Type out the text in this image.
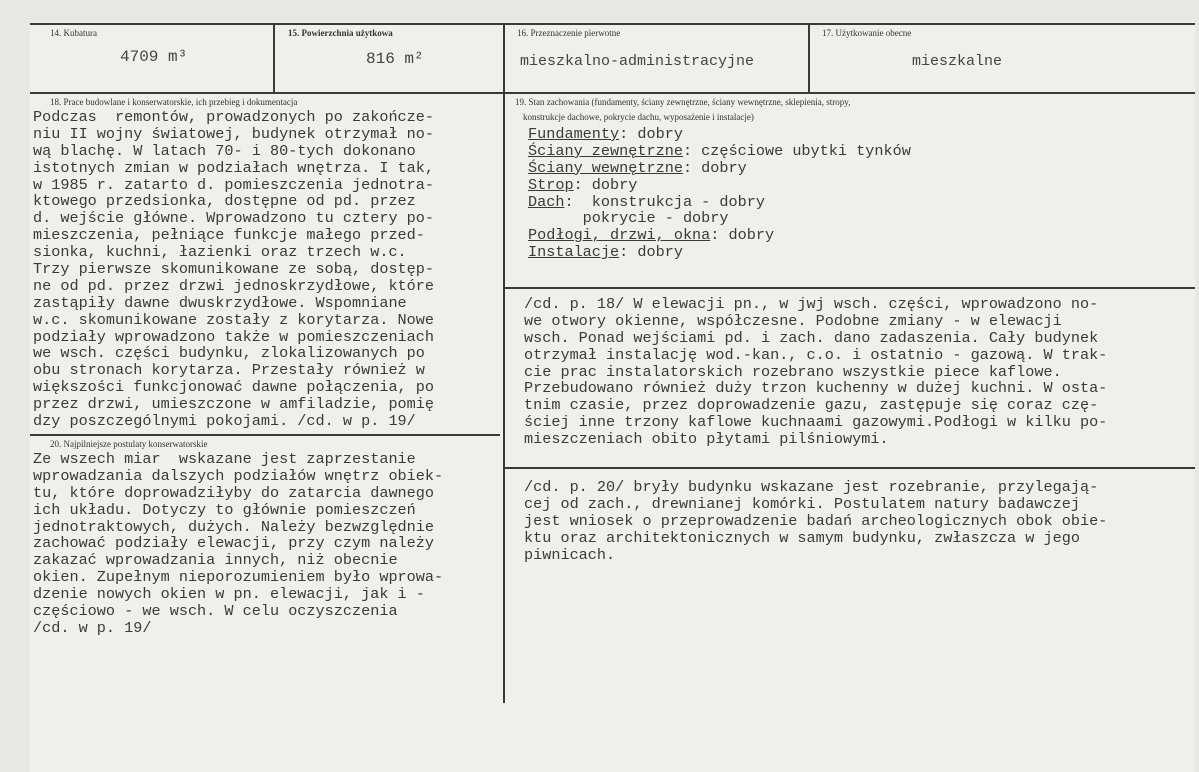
14. Kubatura
4709 m³
15. Powierzchnia użytkowa
816 m²
16. Przeznaczenie pierwotne
mieszkalno-administracyjne
17. Użytkowanie obecne
mieszkalne
18. Prace budowlane i konserwatorskie, ich przebieg i dokumentacja
Podczas  remontów, prowadzonych po zakończe-
niu II wojny światowej, budynek otrzymał no-
wą blachę. W latach 70- i 80-tych dokonano
istotnych zmian w podziałach wnętrza. I tak,
w 1985 r. zatarto d. pomieszczenia jednotra-
ktowego przedsionka, dostępne od pd. przez
d. wejście główne. Wprowadzono tu cztery po-
mieszczenia, pełniące funkcje małego przed-
sionka, kuchni, łazienki oraz trzech w.c.
Trzy pierwsze skomunikowane ze sobą, dostęp-
ne od pd. przez drzwi jednoskrzydłowe, które
zastąpiły dawne dwuskrzydłowe. Wspomniane
w.c. skomunikowane zostały z korytarza. Nowe
podziały wprowadzono także w pomieszczeniach
we wsch. części budynku, zlokalizowanych po
obu stronach korytarza. Przestały również w
większości funkcjonować dawne połączenia, po
przez drzwi, umieszczone w amfiladzie, pomię
dzy poszczególnymi pokojami. /cd. w p. 19/
19. Stan zachowania (fundamenty, ściany zewnętrzne, ściany wewnętrzne, sklepienia, stropy,
konstrukcje dachowe, pokrycie dachu, wyposażenie i instalacje)
Fundamenty: dobry
Ściany zewnętrzne: częściowe ubytki tynków
Ściany wewnętrzne: dobry
Strop: dobry
Dach:  konstrukcja - dobry
pokrycie - dobry
Podłogi, drzwi, okna: dobry
Instalacje: dobry
/cd. p. 18/ W elewacji pn., w jwj wsch. części, wprowadzono no-
we otwory okienne, współczesne. Podobne zmiany - w elewacji
wsch. Ponad wejściami pd. i zach. dano zadaszenia. Cały budynek
otrzymał instalację wod.-kan., c.o. i ostatnio - gazową. W trak-
cie prac instalatorskich rozebrano wszystkie piece kaflowe.
Przebudowano również duży trzon kuchenny w dużej kuchni. W osta-
tnim czasie, przez doprowadzenie gazu, zastępuje się coraz czę-
ściej inne trzony kaflowe kuchnaami gazowymi.Podłogi w kilku po-
mieszczeniach obito płytami pilśniowymi.
20. Najpilniejsze postulaty konserwatorskie
Ze wszech miar  wskazane jest zaprzestanie
wprowadzania dalszych podziałów wnętrz obiek-
tu, które doprowadziłyby do zatarcia dawnego
ich układu. Dotyczy to głównie pomieszczeń
jednotraktowych, dużych. Należy bezwzględnie
zachować podziały elewacji, przy czym należy
zakazać wprowadzania innych, niż obecnie
okien. Zupełnym nieporozumieniem było wprowa-
dzenie nowych okien w pn. elewacji, jak i -
częściowo - we wsch. W celu oczyszczenia
/cd. w p. 19/
/cd. p. 20/ bryły budynku wskazane jest rozebranie, przylegają-
cej od zach., drewnianej komórki. Postulatem natury badawczej
jest wniosek o przeprowadzenie badań archeologicznych obok obie-
ktu oraz architektonicznych w samym budynku, zwłaszcza w jego
piwnicach.
